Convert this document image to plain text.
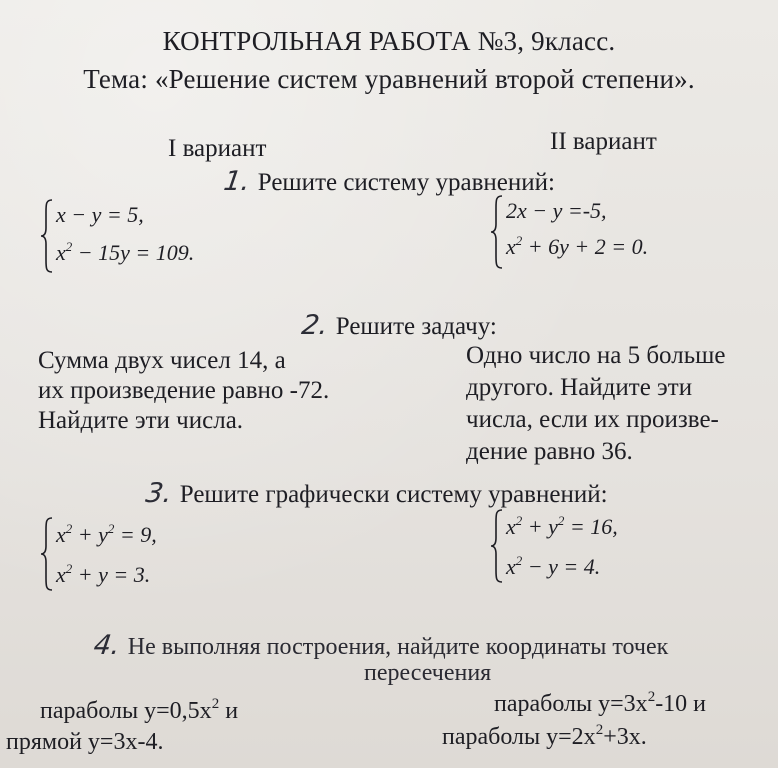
КОНТРОЛЬНАЯ РАБОТА №3, 9класс.
Тема: «Решение систем уравнений второй степени».
I вариант	II вариант
1. Решите систему уравнений:
x − y = 5,
$x^2 - 15y = 109$.
2x − y =-5,
$x^2 + 6y + 2 = 0$.
2. Решите задачу:
Сумма двух чисел 14, а
их произведение равно -72.
Найдите эти числа.
Одно число на 5 больше
другого. Найдите эти
числа, если их произве-
дение равно 36.
3. Решите графически систему уравнений:
$x^2 + y^2 = 9$,
$x^2 + y = 3$.
$x^2 + y^2 = 16$,
$x^2 - y = 4$.
4. Не выполняя построения, найдите координаты точек
пересечения
параболы $у=0,5х^2$ и
прямой у=3х-4.
параболы $у=3х^2-10$ и
параболы $у=2х^2+3х$.
